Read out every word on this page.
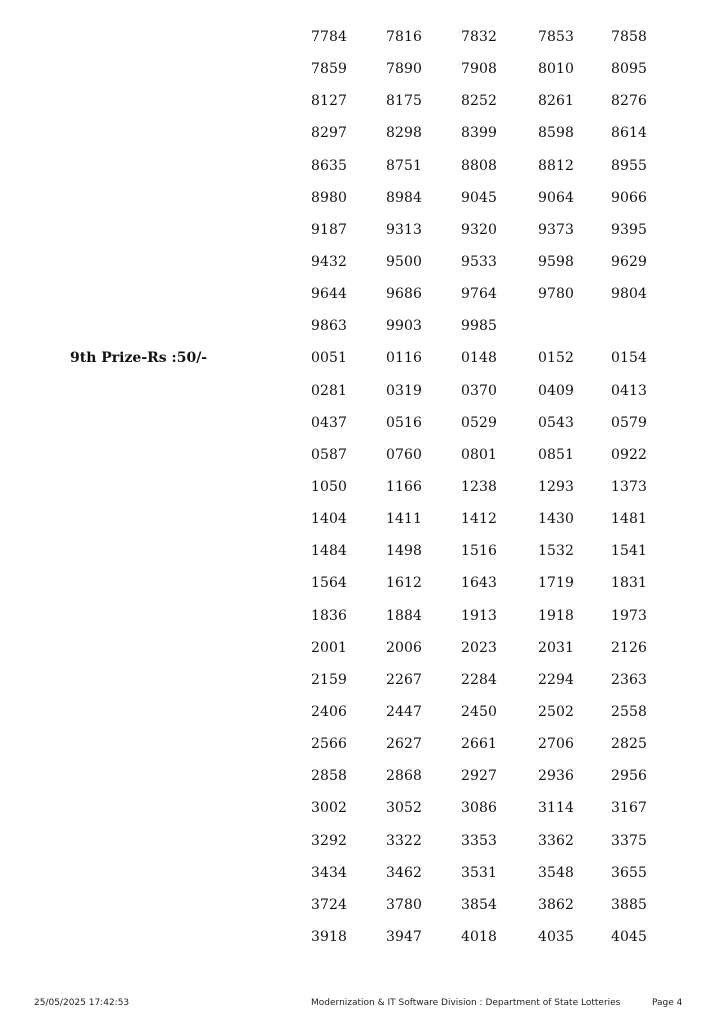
7784	7816	7832	7853	7858
7859	7890	7908	8010	8095
8127	8175	8252	8261	8276
8297	8298	8399	8598	8614
8635	8751	8808	8812	8955
8980	8984	9045	9064	9066
9187	9313	9320	9373	9395
9432	9500	9533	9598	9629
9644	9686	9764	9780	9804
9863	9903	9985
9th Prize-Rs :50/-	0051	0116	0148	0152	0154
0281	0319	0370	0409	0413
0437	0516	0529	0543	0579
0587	0760	0801	0851	0922
1050	1166	1238	1293	1373
1404	1411	1412	1430	1481
1484	1498	1516	1532	1541
1564	1612	1643	1719	1831
1836	1884	1913	1918	1973
2001	2006	2023	2031	2126
2159	2267	2284	2294	2363
2406	2447	2450	2502	2558
2566	2627	2661	2706	2825
2858	2868	2927	2936	2956
3002	3052	3086	3114	3167
3292	3322	3353	3362	3375
3434	3462	3531	3548	3655
3724	3780	3854	3862	3885
3918	3947	4018	4035	4045
25/05/2025 17:42:53	Modernization & IT Software Division : Department of State Lotteries	Page 4
